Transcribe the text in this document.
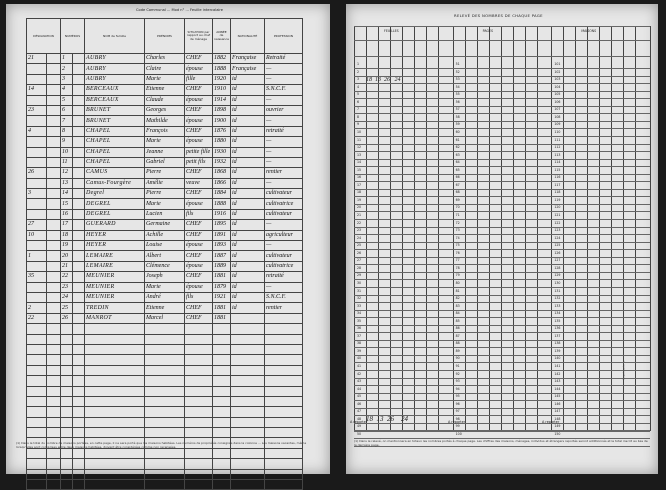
Code Communal ... Mod n° ... Feuille intercalaire
DÉSIGNATION		NUMÉROS		NOM de famille	PRÉNOMS	SITUATION par rapport au chef de ménage	ANNÉE de naissance	NATIONALITÉ	PROFESSION
21		1		AUBRY	Charles	CHEF	1882	Française	Retraité
		2		AUBRY	Claire	épouse	1888	Française	—
		3		AUBRY	Marie	fille	1920	id	—
14		4		BERCEAUX	Etienne	CHEF	1910	id	S.N.C.F.
		5		BERCEAUX	Claude	épouse	1914	id	—
23		6		BRUNET	Georges	CHEF	1898	id	ouvrier
		7		BRUNET	Mathilde	épouse	1900	id	—
4		8		CHAPEL	François	CHEF	1876	id	retraité
		9		CHAPEL	Marie	épouse	1880	id	—
		10		CHAPEL	Jeanne	petite fille	1930	id	—
		11		CHAPEL	Gabriel	petit fils	1932	id	—
26		12		CAMUS	Pierre	CHEF	1868	id	rentier
		13		Camus-Fourgère	Amélie	veuve	1866	id	—
3		14		Degrel	Pierre	CHEF	1884	id	cultivateur
		15		DEGREL	Marie	épouse	1888	id	cultivatrice
		16		DEGREL	Lucien	fils	1916	id	cultivateur
27		17		GUERARD	Germaine	CHEF	1895	id	—
10		18		HEYER	Achille	CHEF	1891	id	agriculteur
		19		HEYER	Louise	épouse	1893	id	—
1		20		LEMAIRE	Albert	CHEF	1887	id	cultivateur
		21		LEMAIRE	Clémence	épouse	1889	id	cultivatrice
35		22		MEUNIER	Joseph	CHEF	1881	id	retraité
		23		MEUNIER	Marie	épouse	1879	id	—
		24		MEUNIER	André	fils	1921	id	S.N.C.F.
2		25		TREDIN	Etienne	CHEF	1881	id	rentier
22		26		MANROT	Marcel	CHEF	1881		

(1) Dans le total du nombre de maisons portées, en cette page, il ne sera porté que les maisons habitées. Les numéros de propriétés consignés dans la colonne ... Les maisons vacantes, même lorsqu'elles sont comprises entre deux maisons habitées, doivent être considérées comme non recensées.
RELEVÉ DES NOMBRES DE CHAQUE PAGE
FEUILLES	PAGES	MAISONS
1	51	101
2	52	102
3	53	103
4	54	104
5	55	105
6	56	106
7	57	107
8	58	108
9	59	109
10	60	110
11	61	111
12	62	112
13	63	113
14	64	114
15	65	115
16	66	116
17	67	117
18	68	118
19	69	119
20	70	120
21	71	121
22	72	122
23	73	123
24	74	124
25	75	125
26	76	126
27	77	127
28	78	128
29	79	129
30	80	130
31	81	131
32	82	132
33	83	133
34	84	134
35	85	135
36	86	136
37	87	137
38	88	138
39	89	139
40	90	140
41	91	141
42	92	142
43	93	143
44	94	144
45	95	145
46	96	146
47	97	147
48	98	148
49	99	149
50	100	150
18 13 26 24
18 13 26 24
A reporter	A reporter	A reporter
Imprimerie ...
(1) Dans le relevé, on mentionnera en totaux les nombres portés à chaque page. Les chiffres des maisons, ménages, individus et étrangers reportés seront additionnés et le total inscrit au bas de la dernière page.
